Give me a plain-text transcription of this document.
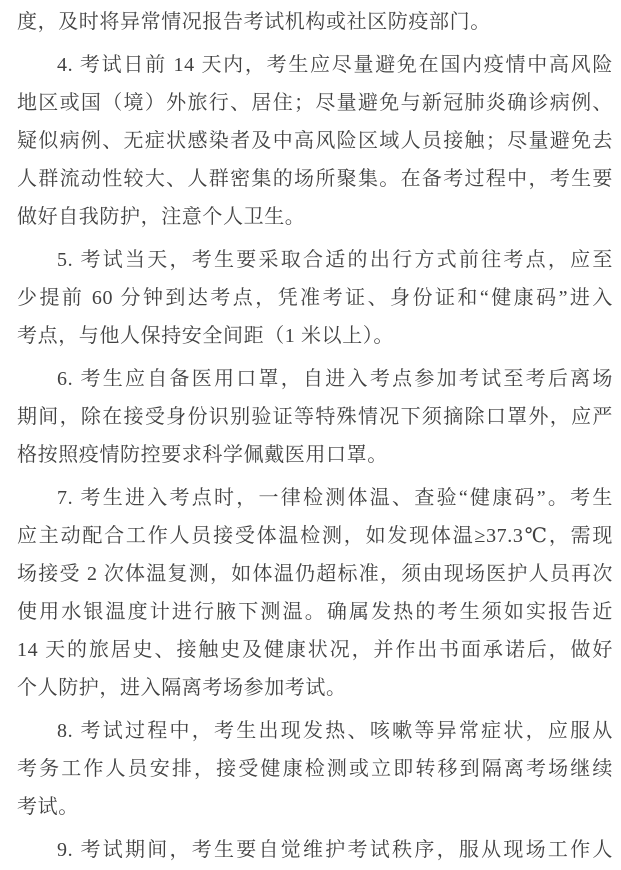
度，及时将异常情况报告考试机构或社区防疫部门。
4. 考试日前 14 天内，考生应尽量避免在国内疫情中高风险
地区或国（境）外旅行、居住；尽量避免与新冠肺炎确诊病例、
疑似病例、无症状感染者及中高风险区域人员接触；尽量避免去
人群流动性较大、人群密集的场所聚集。在备考过程中，考生要
做好自我防护，注意个人卫生。
5. 考试当天，考生要采取合适的出行方式前往考点，应至
少提前 60 分钟到达考点，凭准考证、身份证和“健康码”进入
考点，与他人保持安全间距（1 米以上）。
6. 考生应自备医用口罩，自进入考点参加考试至考后离场
期间，除在接受身份识别验证等特殊情况下须摘除口罩外，应严
格按照疫情防控要求科学佩戴医用口罩。
7. 考生进入考点时，一律检测体温、查验“健康码”。考生
应主动配合工作人员接受体温检测，如发现体温≥37.3℃，需现
场接受 2 次体温复测，如体温仍超标准，须由现场医护人员再次
使用水银温度计进行腋下测温。确属发热的考生须如实报告近
14 天的旅居史、接触史及健康状况，并作出书面承诺后，做好
个人防护，进入隔离考场参加考试。
8. 考试过程中，考生出现发热、咳嗽等异常症状，应服从
考务工作人员安排，接受健康检测或立即转移到隔离考场继续
考试。
9. 考试期间，考生要自觉维护考试秩序，服从现场工作人
